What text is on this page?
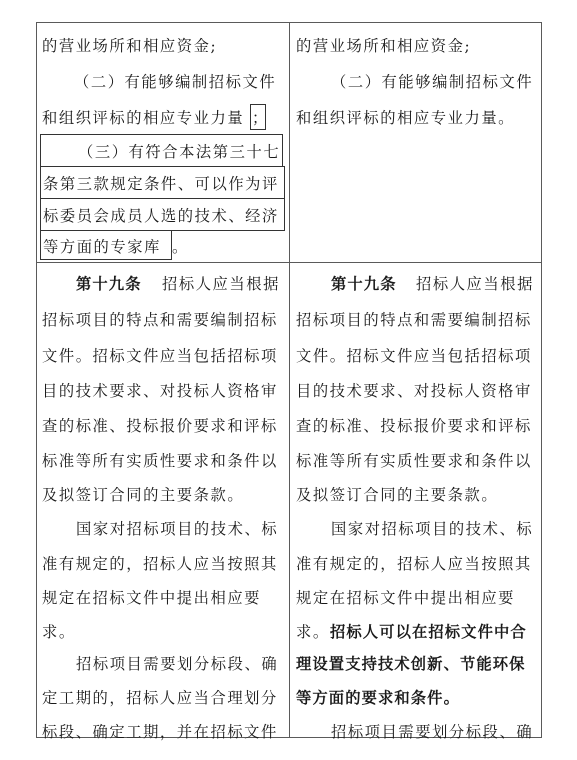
的营业场所和相应资金;
（二）有能够编制招标文件
和组织评标的相应专业力量 ；
（三）有符合本法第三十七
条第三款规定条件、可以作为评
标委员会成员人选的技术、经济
等方面的专家库 。
第十九条 招标人应当根据
招标项目的特点和需要编制招标
文件。招标文件应当包括招标项
目的技术要求、对投标人资格审
查的标准、投标报价要求和评标
标准等所有实质性要求和条件以
及拟签订合同的主要条款。
国家对招标项目的技术、标
准有规定的，招标人应当按照其
规定在招标文件中提出相应要
求。
招标项目需要划分标段、确
定工期的，招标人应当合理划分
标段、确定工期，并在招标文件
的营业场所和相应资金;
（二）有能够编制招标文件
和组织评标的相应专业力量。
第十九条 招标人应当根据
招标项目的特点和需要编制招标
文件。招标文件应当包括招标项
目的技术要求、对投标人资格审
查的标准、投标报价要求和评标
标准等所有实质性要求和条件以
及拟签订合同的主要条款。
国家对招标项目的技术、标
准有规定的，招标人应当按照其
规定在招标文件中提出相应要
求。 招标人可以在招标文件中合
理设置支持技术创新、节能环保
等方面的要求和条件。
招标项目需要划分标段、确
